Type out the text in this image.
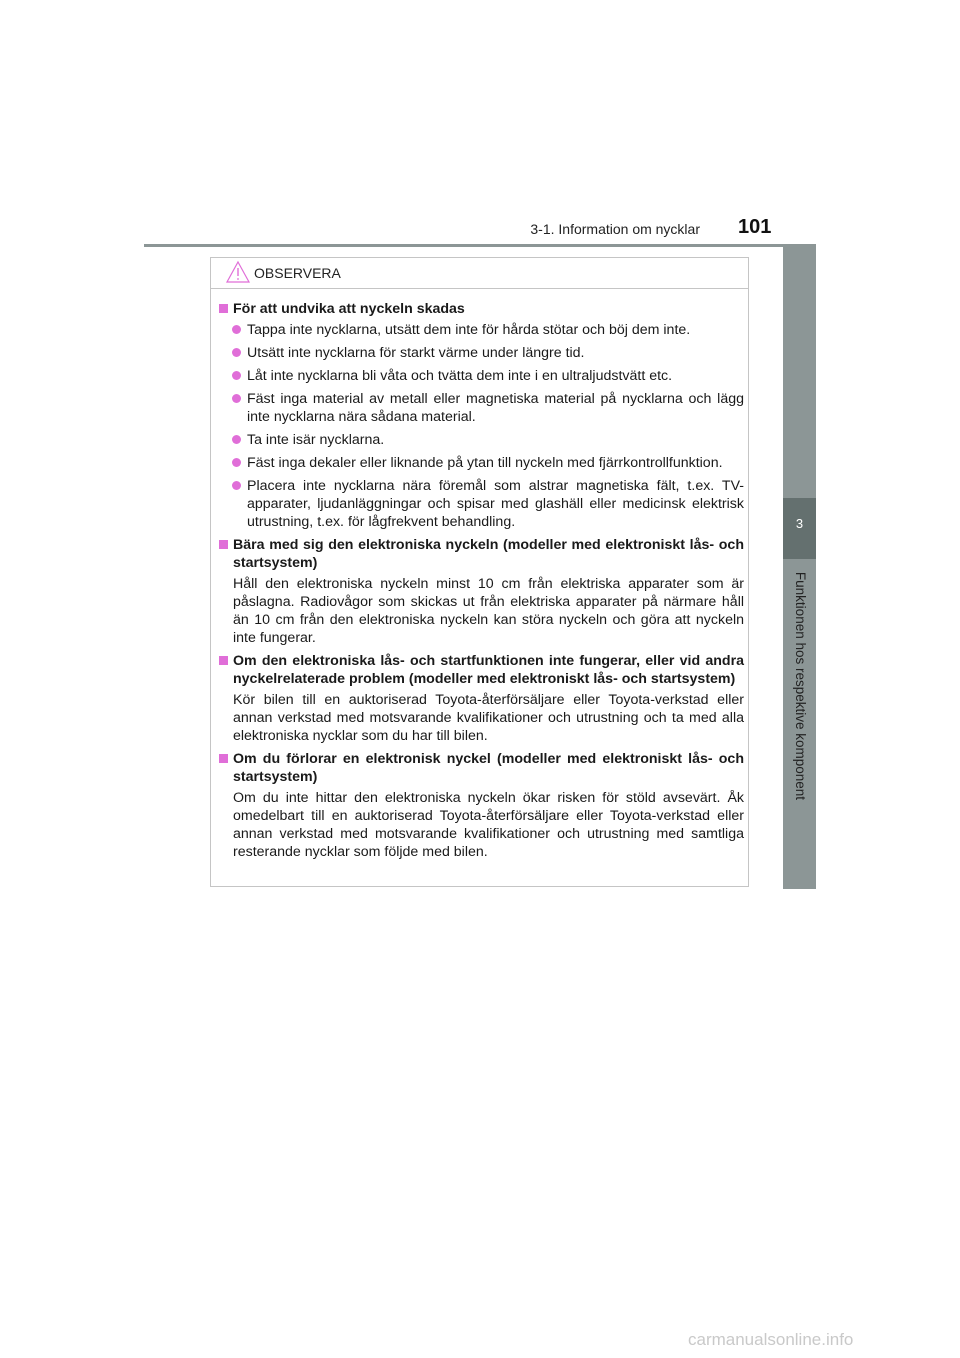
3-1. Information om nycklar 101
3
Funktionen hos respektive komponent
OBSERVERA
För att undvika att nyckeln skadas
Tappa inte nycklarna, utsätt dem inte för hårda stötar och böj dem inte.
Utsätt inte nycklarna för starkt värme under längre tid.
Låt inte nycklarna bli våta och tvätta dem inte i en ultraljudstvätt etc.
Fäst inga material av metall eller magnetiska material på nycklarna och lägg inte nycklarna nära sådana material.
Ta inte isär nycklarna.
Fäst inga dekaler eller liknande på ytan till nyckeln med fjärrkontrollfunktion.
Placera inte nycklarna nära föremål som alstrar magnetiska fält, t.ex. TV-apparater, ljudanläggningar och spisar med glashäll eller medicinsk elektrisk utrustning, t.ex. för lågfrekvent behandling.
Bära med sig den elektroniska nyckeln (modeller med elektroniskt lås- och startsystem)
Håll den elektroniska nyckeln minst 10 cm från elektriska apparater som är påslagna. Radiovågor som skickas ut från elektriska apparater på närmare håll än 10 cm från den elektroniska nyckeln kan störa nyckeln och göra att nyckeln inte fungerar.
Om den elektroniska lås- och startfunktionen inte fungerar, eller vid andra nyckelrelaterade problem (modeller med elektroniskt lås- och startsystem)
Kör bilen till en auktoriserad Toyota-återförsäljare eller Toyota-verkstad eller annan verkstad med motsvarande kvalifikationer och utrustning och ta med alla elektroniska nycklar som du har till bilen.
Om du förlorar en elektronisk nyckel (modeller med elektroniskt lås- och startsystem)
Om du inte hittar den elektroniska nyckeln ökar risken för stöld avsevärt. Åk omedelbart till en auktoriserad Toyota-återförsäljare eller Toyota-verkstad eller annan verkstad med motsvarande kvalifikationer och utrustning med samtliga resterande nycklar som följde med bilen.
carmanualsonline.info
